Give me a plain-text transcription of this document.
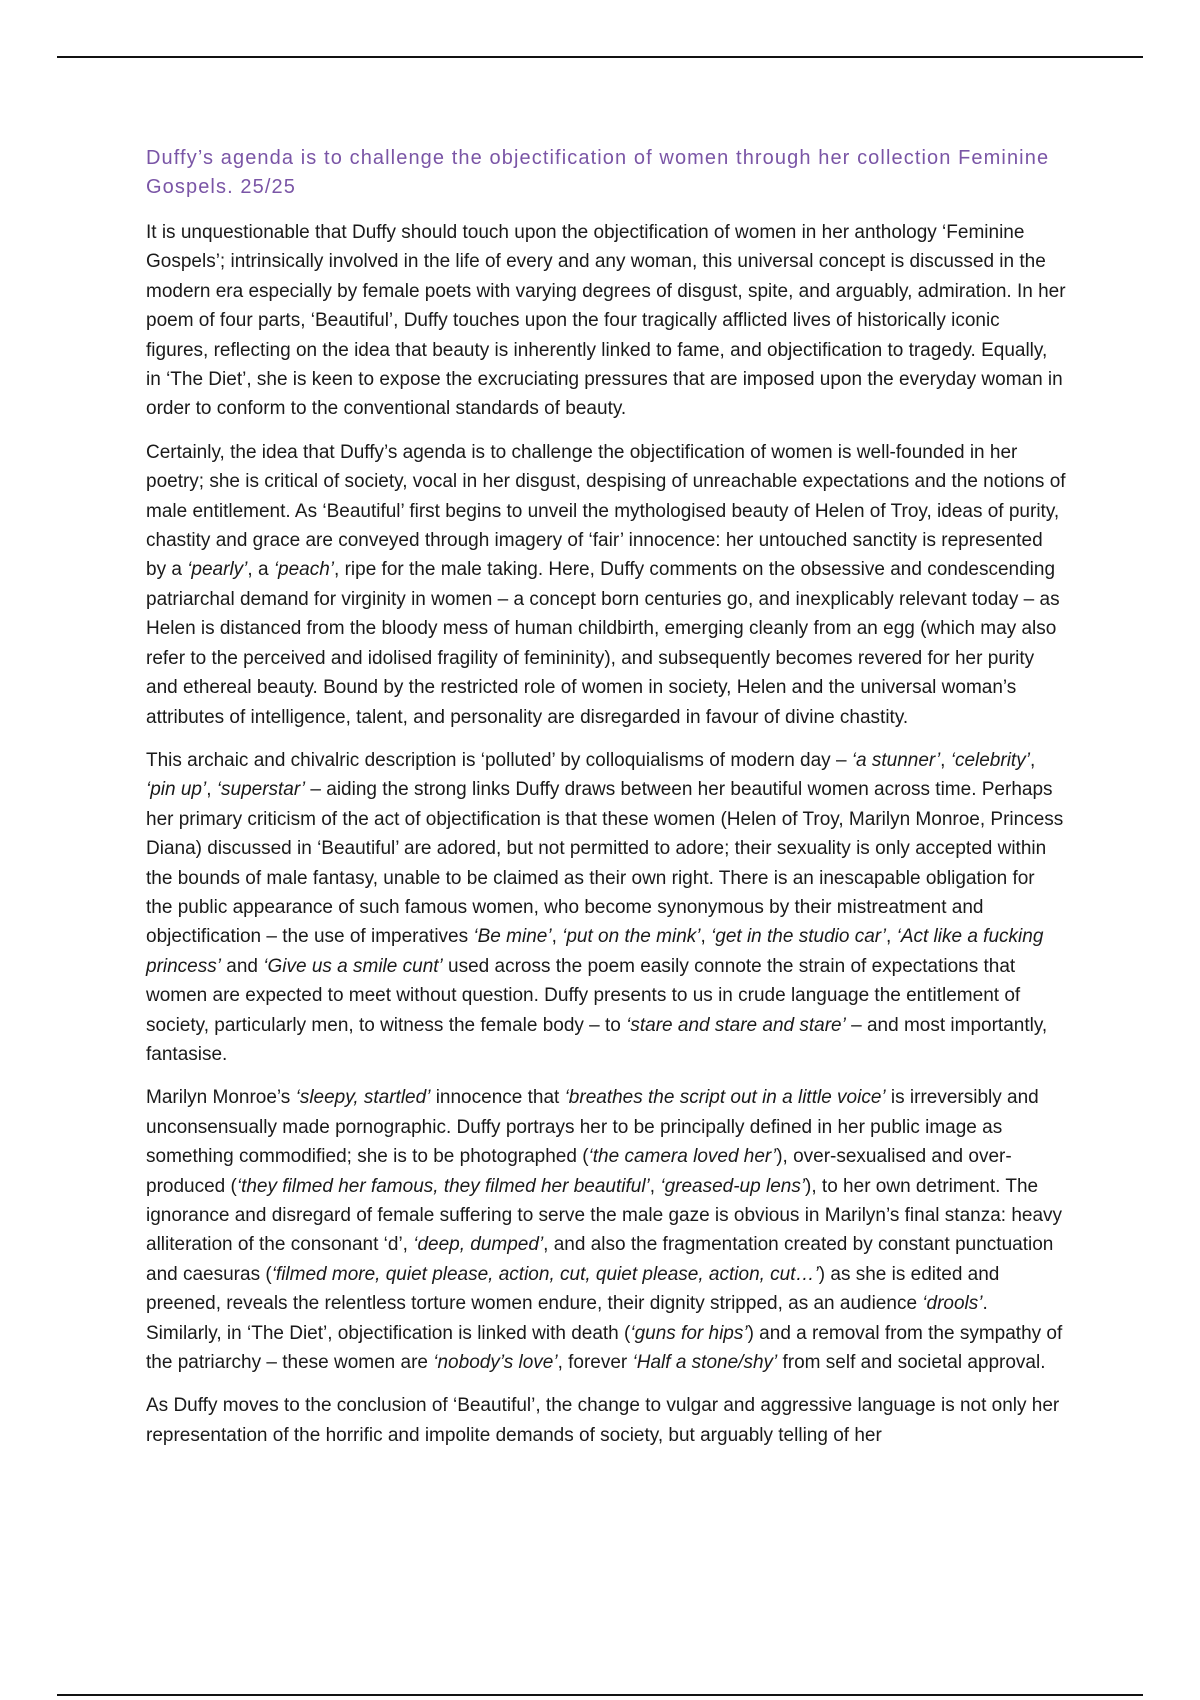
Duffy’s agenda is to challenge the objectification of women through her collection Feminine Gospels. 25/25

It is unquestionable that Duffy should touch upon the objectification of women in her anthology ‘Feminine Gospels’; intrinsically involved in the life of every and any woman, this universal concept is discussed in the modern era especially by female poets with varying degrees of disgust, spite, and arguably, admiration. In her poem of four parts, ‘Beautiful’, Duffy touches upon the four tragically afflicted lives of historically iconic figures, reflecting on the idea that beauty is inherently linked to fame, and objectification to tragedy. Equally, in ‘The Diet’, she is keen to expose the excruciating pressures that are imposed upon the everyday woman in order to conform to the conventional standards of beauty.

Certainly, the idea that Duffy’s agenda is to challenge the objectification of women is well-founded in her poetry; she is critical of society, vocal in her disgust, despising of unreachable expectations and the notions of male entitlement. As ‘Beautiful’ first begins to unveil the mythologised beauty of Helen of Troy, ideas of purity, chastity and grace are conveyed through imagery of ‘fair’ innocence: her untouched sanctity is represented by a ‘pearly’, a ‘peach’, ripe for the male taking. Here, Duffy comments on the obsessive and condescending patriarchal demand for virginity in women – a concept born centuries go, and inexplicably relevant today – as Helen is distanced from the bloody mess of human childbirth, emerging cleanly from an egg (which may also refer to the perceived and idolised fragility of femininity), and subsequently becomes revered for her purity and ethereal beauty. Bound by the restricted role of women in society, Helen and the universal woman’s attributes of intelligence, talent, and personality are disregarded in favour of divine chastity.

This archaic and chivalric description is ‘polluted’ by colloquialisms of modern day – ‘a stunner’, ‘celebrity’, ‘pin up’, ‘superstar’ – aiding the strong links Duffy draws between her beautiful women across time. Perhaps her primary criticism of the act of objectification is that these women (Helen of Troy, Marilyn Monroe, Princess Diana) discussed in ‘Beautiful’ are adored, but not permitted to adore; their sexuality is only accepted within the bounds of male fantasy, unable to be claimed as their own right. There is an inescapable obligation for the public appearance of such famous women, who become synonymous by their mistreatment and objectification – the use of imperatives ‘Be mine’, ‘put on the mink’, ‘get in the studio car’, ‘Act like a fucking princess’ and ‘Give us a smile cunt’ used across the poem easily connote the strain of expectations that women are expected to meet without question. Duffy presents to us in crude language the entitlement of society, particularly men, to witness the female body – to ‘stare and stare and stare’ – and most importantly, fantasise.

Marilyn Monroe’s ‘sleepy, startled’ innocence that ‘breathes the script out in a little voice’ is irreversibly and unconsensually made pornographic. Duffy portrays her to be principally defined in her public image as something commodified; she is to be photographed (‘the camera loved her’), over-sexualised and over-produced (‘they filmed her famous, they filmed her beautiful’, ‘greased-up lens’), to her own detriment. The ignorance and disregard of female suffering to serve the male gaze is obvious in Marilyn’s final stanza: heavy alliteration of the consonant ‘d’, ‘deep, dumped’, and also the fragmentation created by constant punctuation and caesuras (‘filmed more, quiet please, action, cut, quiet please, action, cut…’) as she is edited and preened, reveals the relentless torture women endure, their dignity stripped, as an audience ‘drools’. Similarly, in ‘The Diet’, objectification is linked with death (‘guns for hips’) and a removal from the sympathy of the patriarchy – these women are ‘nobody’s love’, forever ‘Half a stone/shy’ from self and societal approval.

As Duffy moves to the conclusion of ‘Beautiful’, the change to vulgar and aggressive language is not only her representation of the horrific and impolite demands of society, but arguably telling of her
